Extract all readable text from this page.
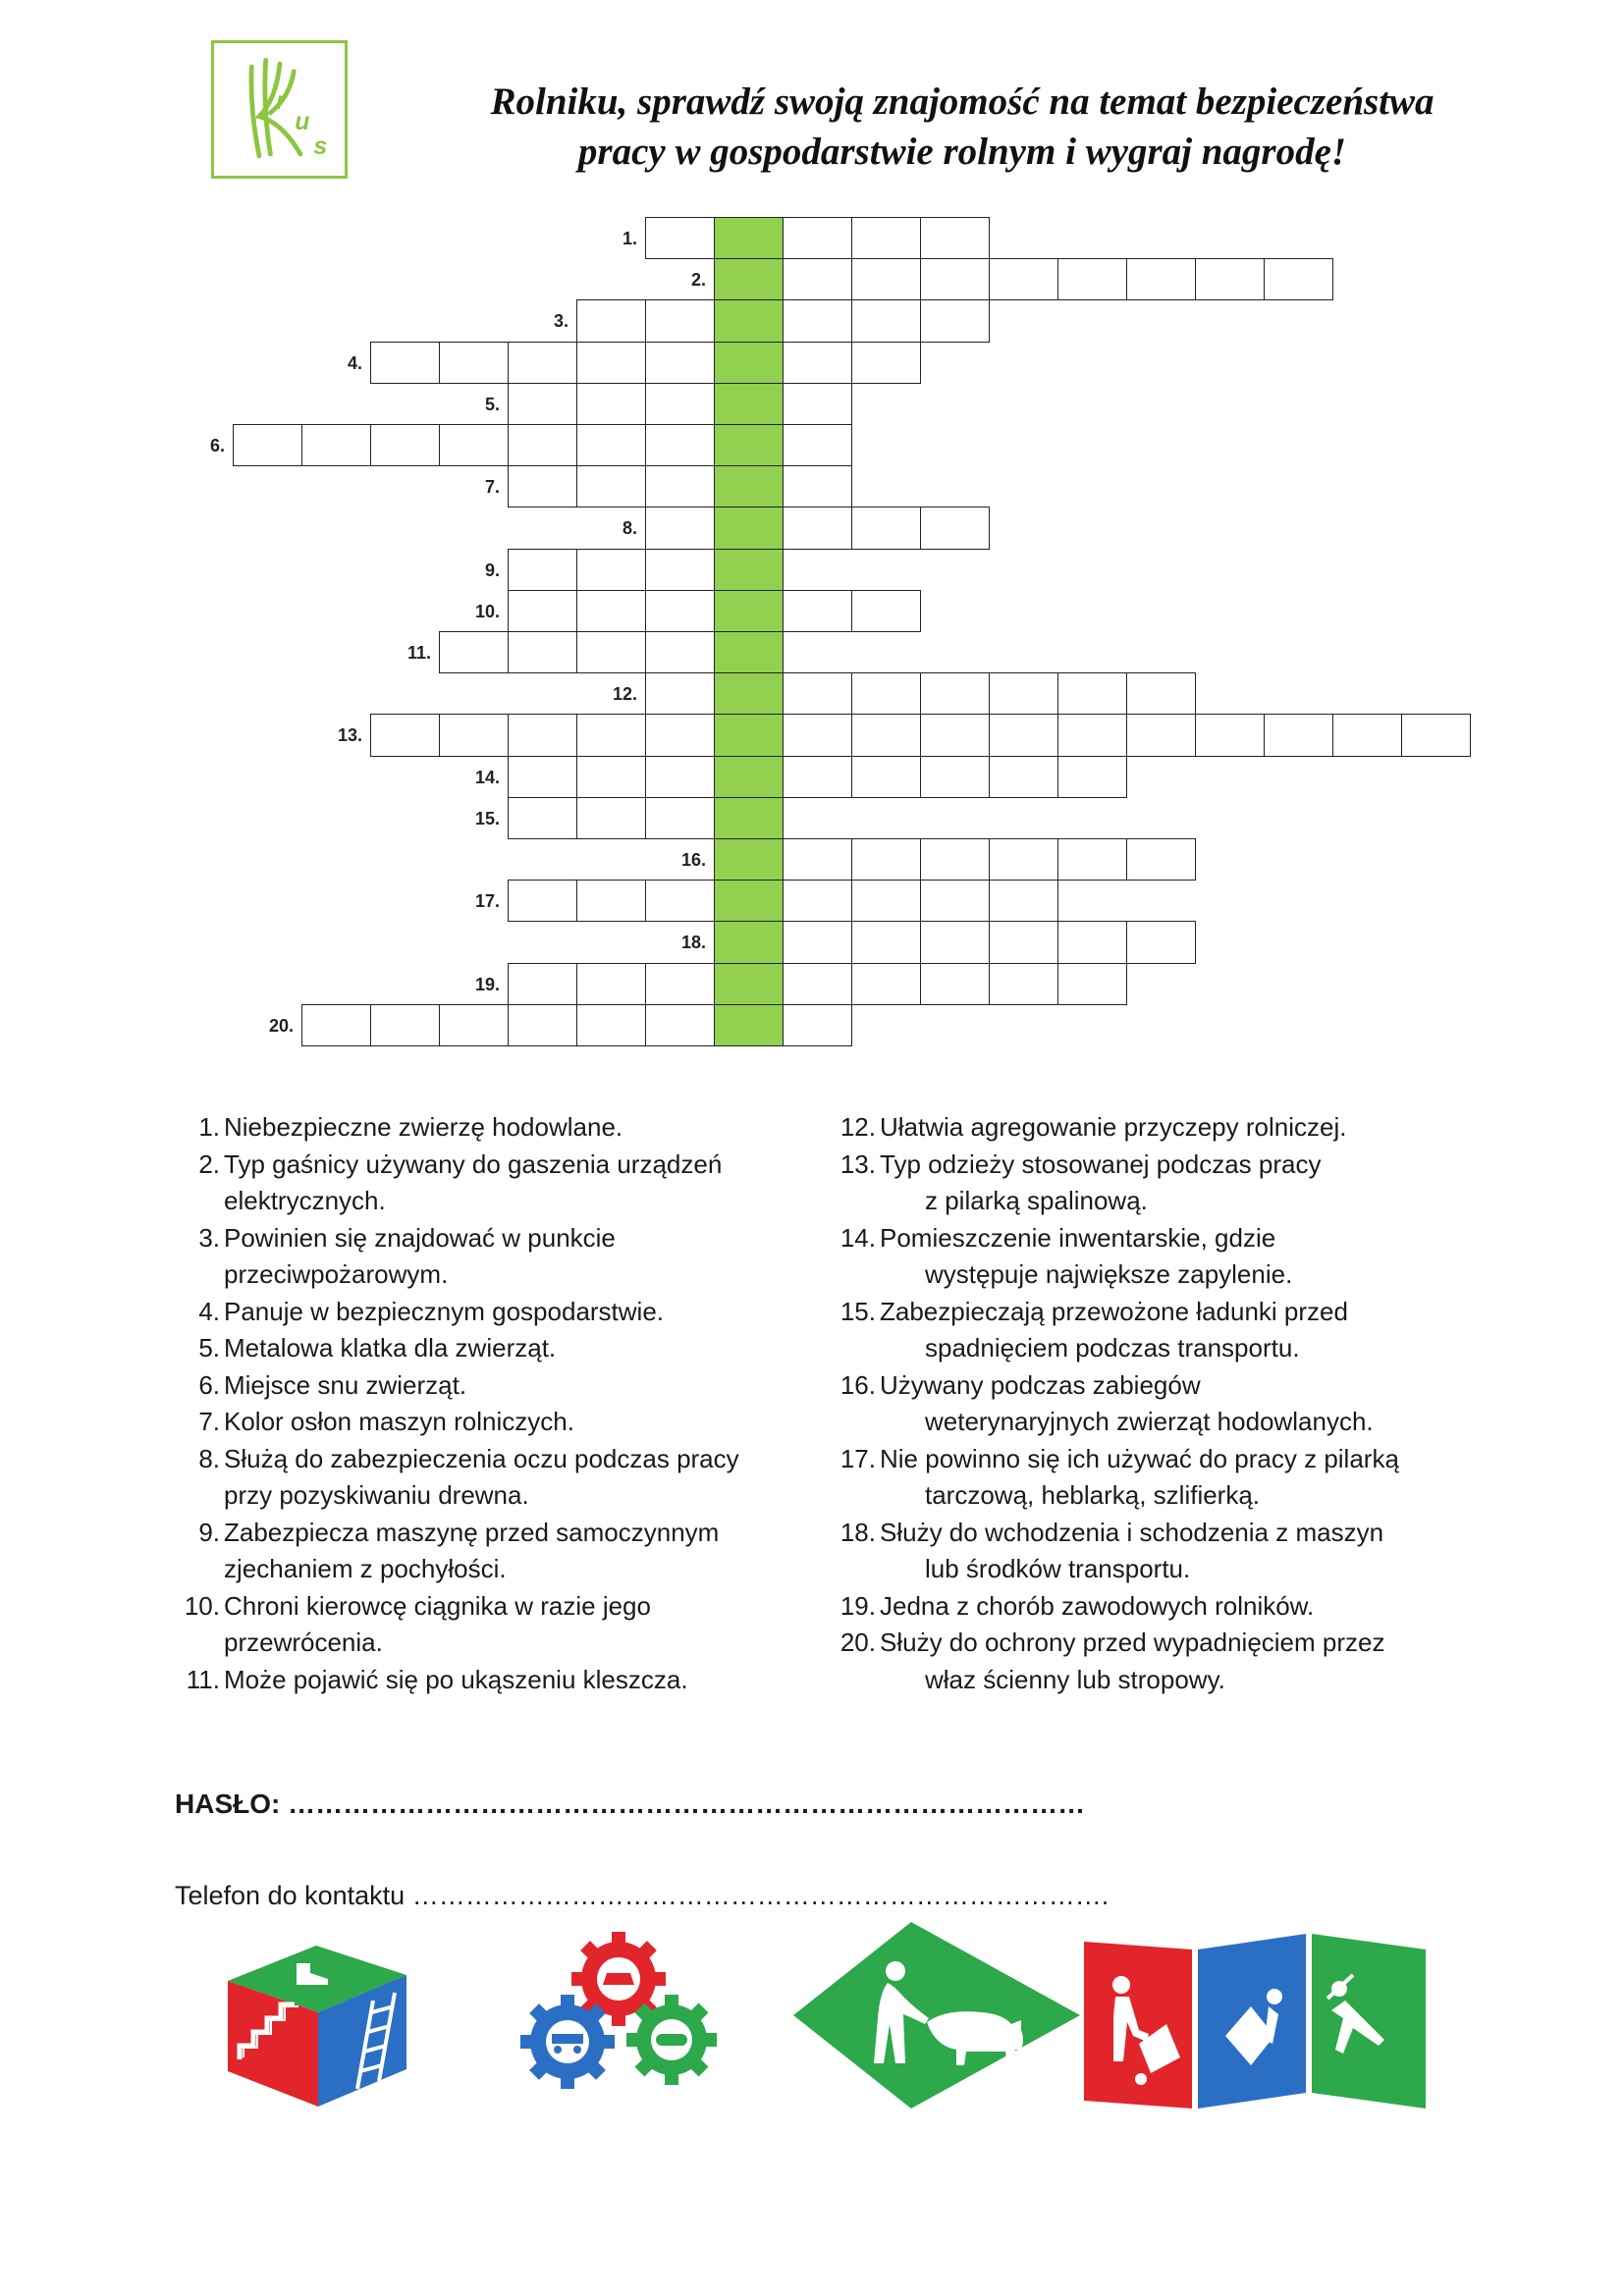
r
u
s
Rolniku, sprawdź swoją znajomość na temat bezpieczeństwa
pracy w gospodarstwie rolnym i wygraj nagrodę!
1.
2.
3.
4.
5.
6.
7.
8.
9.
10.
11.
12.
13.
14.
15.
16.
17.
18.
19.
20.
1. Niebezpieczne zwierzę hodowlane.
2. Typ gaśnicy używany do gaszenia urządzeń
elektrycznych.
3. Powinien się znajdować w punkcie
przeciwpożarowym.
4. Panuje w bezpiecznym gospodarstwie.
5. Metalowa klatka dla zwierząt.
6. Miejsce snu zwierząt.
7. Kolor osłon maszyn rolniczych.
8. Służą do zabezpieczenia oczu podczas pracy
przy pozyskiwaniu drewna.
9. Zabezpiecza maszynę przed samoczynnym
zjechaniem z pochyłości.
10. Chroni kierowcę ciągnika w razie jego
przewrócenia.
11. Może pojawić się po ukąszeniu kleszcza.
12. Ułatwia agregowanie przyczepy rolniczej.
13. Typ odzieży stosowanej podczas pracy
z pilarką spalinową.
14. Pomieszczenie inwentarskie, gdzie
występuje największe zapylenie.
15. Zabezpieczają przewożone ładunki przed
spadnięciem podczas transportu.
16. Używany podczas zabiegów
weterynaryjnych zwierząt hodowlanych.
17. Nie powinno się ich używać do pracy z pilarką
tarczową, heblarką, szlifierką.
18. Służy do wchodzenia i schodzenia z maszyn
lub środków transportu.
19. Jedna z chorób zawodowych rolników.
20. Służy do ochrony przed wypadnięciem przez
właz ścienny lub stropowy.
HASŁO: ……………………………………………………………………………
Telefon do kontaktu …………………………………………………………………….
